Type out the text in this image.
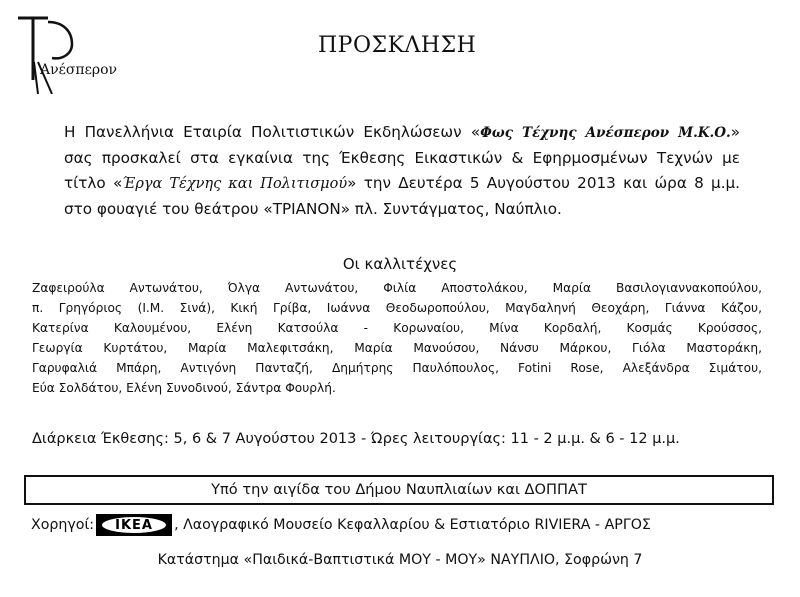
Ανέσπερον
ΠΡΟΣΚΛΗΣΗ
Η Πανελλήνια Εταιρία Πολιτιστικών Εκδηλώσεων «Φως Τέχνης Ανέσπερον Μ.Κ.Ο.»
σας προσκαλεί στα εγκαίνια της Έκθεσης Εικαστικών & Εφηρμοσμένων Τεχνών με
τίτλο «Έργα Τέχνης και Πολιτισμού» την Δευτέρα 5 Αυγούστου 2013 και ώρα 8 μ.μ.
στο φουαγιέ του θεάτρου «ΤΡΙΑΝΟΝ» πλ. Συντάγματος, Ναύπλιο.
Οι καλλιτέχνες
Ζαφειρούλα Αντωνάτου, Όλγα Αντωνάτου, Φιλία Αποστολάκου, Μαρία Βασιλογιαννακοπούλου,
π. Γρηγόριος (Ι.Μ. Σινά), Κική Γρίβα, Ιωάννα Θεοδωροπούλου, Μαγδαληνή Θεοχάρη, Γιάννα Κάζου,
Κατερίνα Καλουμένου, Ελένη Κατσούλα - Κορωναίου, Μίνα Κορδαλή, Κοσμάς Κρούσσος,
Γεωργία Κυρτάτου, Μαρία Μαλεφιτσάκη, Μαρία Μανούσου, Νάνσυ Μάρκου, Γιόλα Μαστοράκη,
Γαρυφαλιά Μπάρη, Αντιγόνη Πανταζή, Δημήτρης Παυλόπουλος, Fotini Rose, Αλεξάνδρα Σιμάτου,
Εύα Σολδάτου, Ελένη Συνοδινού, Σάντρα Φουρλή.
Διάρκεια Έκθεσης: 5, 6 & 7 Αυγούστου 2013 - Ώρες λειτουργίας: 11 - 2 μ.μ. & 6 - 12 μ.μ.
Υπό την αιγίδα του Δήμου Ναυπλιαίων και ΔΟΠΠΑΤ
Χορηγοί:	IKEA	, Λαογραφικό Μουσείο Κεφαλλαρίου & Εστιατόριο RIVIERA - ΑΡΓΟΣ
Κατάστημα «Παιδικά-Βαπτιστικά ΜΟΥ - ΜΟΥ» ΝΑΥΠΛΙΟ, Σοφρώνη 7
